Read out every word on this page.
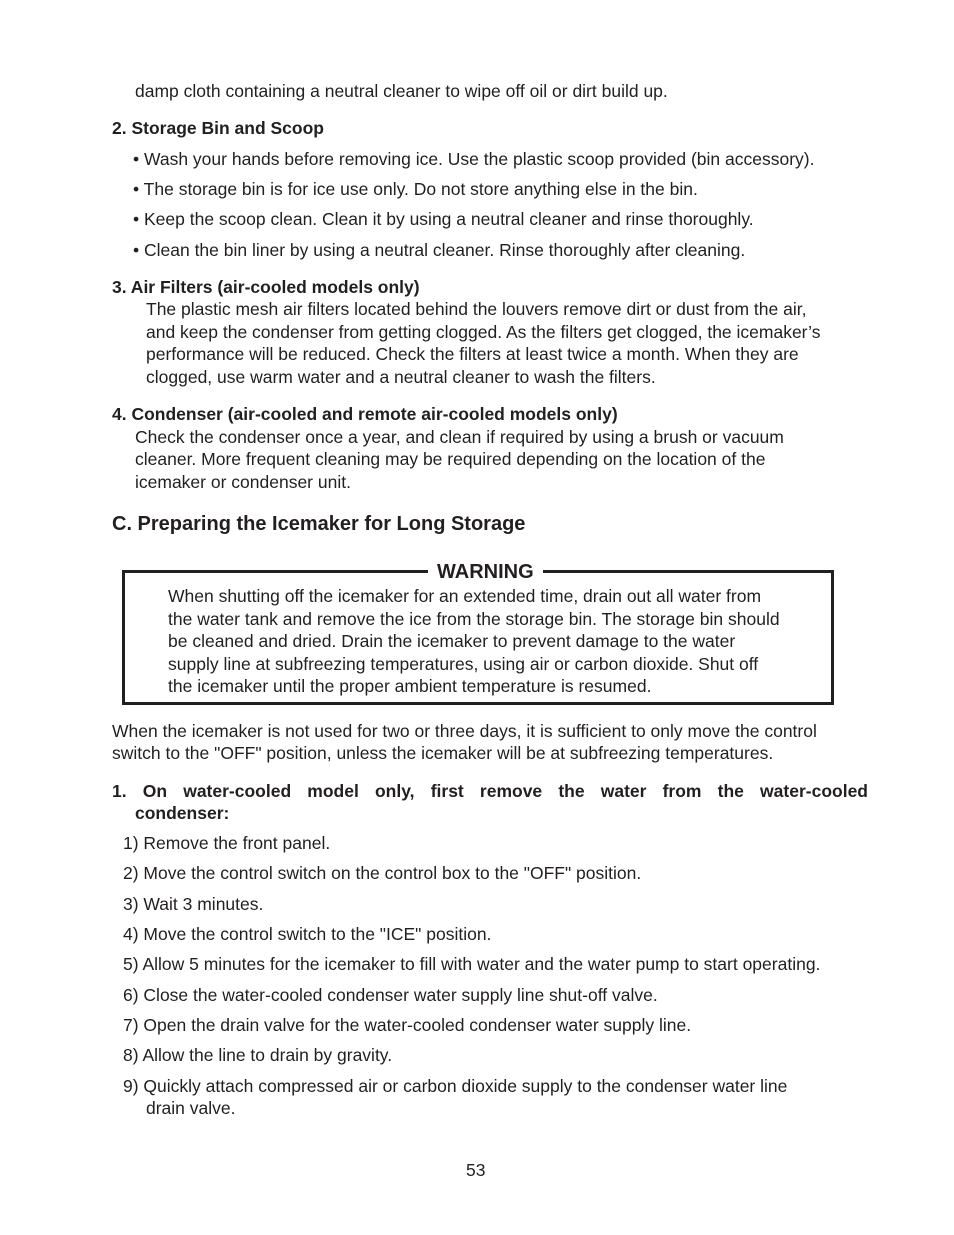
damp cloth containing a neutral cleaner to wipe off oil or dirt build up.
2. Storage Bin and Scoop
• Wash your hands before removing ice. Use the plastic scoop provided (bin accessory).
• The storage bin is for ice use only. Do not store anything else in the bin.
• Keep the scoop clean. Clean it by using a neutral cleaner and rinse thoroughly.
• Clean the bin liner by using a neutral cleaner. Rinse thoroughly after cleaning.
3. Air Filters (air-cooled models only)
The plastic mesh air filters located behind the louvers remove dirt or dust from the air,
and keep the condenser from getting clogged. As the filters get clogged, the icemaker’s
performance will be reduced. Check the filters at least twice a month. When they are
clogged, use warm water and a neutral cleaner to wash the filters.
4. Condenser (air-cooled and remote air-cooled models only)
Check the condenser once a year, and clean if required by using a brush or vacuum
cleaner. More frequent cleaning may be required depending on the location of the
icemaker or condenser unit.
C. Preparing the Icemaker for Long Storage
WARNING
When shutting off the icemaker for an extended time, drain out all water from
the water tank and remove the ice from the storage bin. The storage bin should
be cleaned and dried. Drain the icemaker to prevent damage to the water
supply line at subfreezing temperatures, using air or carbon dioxide. Shut off
the icemaker until the proper ambient temperature is resumed.
When the icemaker is not used for two or three days, it is sufficient to only move the control
switch to the "OFF" position, unless the icemaker will be at subfreezing temperatures.
1. On water-cooled model only, first remove the water from the water-cooled
condenser:
1) Remove the front panel.
2) Move the control switch on the control box to the "OFF" position.
3) Wait 3 minutes.
4) Move the control switch to the "ICE" position.
5) Allow 5 minutes for the icemaker to fill with water and the water pump to start operating.
6) Close the water-cooled condenser water supply line shut-off valve.
7) Open the drain valve for the water-cooled condenser water supply line.
8) Allow the line to drain by gravity.
9) Quickly attach compressed air or carbon dioxide supply to the condenser water line
drain valve.
53
